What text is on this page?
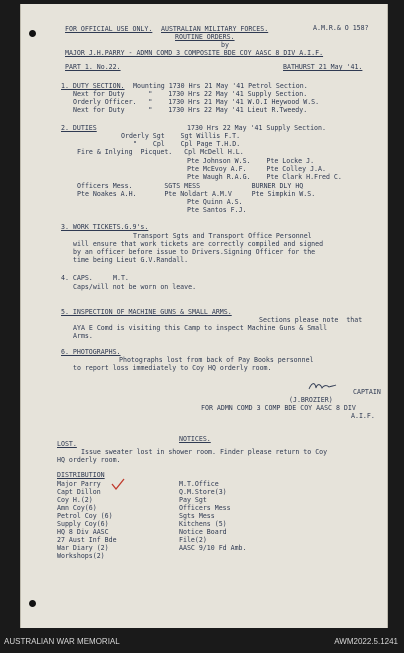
FOR OFFICIAL USE ONLY. AUSTRALIAN MILITARY FORCES.	A.M.R.& O 158?
ROUTINE ORDERS.
by
MAJOR J.H.PARRY - ADMN COMD 3 COMPOSITE BDE COY AASC 8 DIV A.I.F.
PART 1. No.22.	BATHURST 21 May '41.
1. DUTY SECTION. Mounting 1730 Hrs 21 May '41 Petrol Section.
Next for Duty      "    1730 Hrs 22 May '41 Supply Section.
Orderly Officer.   "    1730 Hrs 21 May '41 W.O.I Heywood W.S.
Next for Duty      "    1730 Hrs 22 May '41 Lieut R.Tweedy.
2. DUTIES	1730 Hrs 22 May '41 Supply Section.
Orderly Sgt    Sgt Willis F.T.
"    Cpl    Cpl Page T.H.D.
Fire & Inlying  Picquet.   Cpl McDell H.L.
Pte Johnson W.S.    Pte Locke J.
Pte McEvoy A.F.     Pte Colley J.A.
Pte Waugh R.A.G.    Pte Clark H.Fred C.
Officers Mess.        SGTS MESS             BURNER DLY HQ
Pte Noakes A.H.       Pte Noldart A.M.V     Pte Simpkin W.S.
Pte Quinn A.S.
Pte Santos F.J.
3. WORK TICKETS.G.9's.
Transport Sgts and Transport Office Personnel
will ensure that work tickets are correctly compiled and signed
by an officer before issue to Drivers.Signing Officer for the
time being Lieut G.V.Randall.
4. CAPS.	M.T.
Caps/will not be worn on leave.
5. INSPECTION OF MACHINE GUNS & SMALL ARMS.
Sections please note  that
AYA E Comd is visiting this Camp to inspect Machine Guns & Small
Arms.
6. PHOTOGRAPHS.
Photographs lost from back of Pay Books personnel
to report loss immediately to Coy HQ orderly room.
CAPTAIN
(J.BROZIER)
FOR ADMN COMD 3 COMP BDE COY AASC 8 DIV
A.I.F.
NOTICES.
LOST.
Issue sweater lost in shower room. Finder please return to Coy
HQ orderly room.
DISTRIBUTION
Major Parry
Capt Dillon
Coy H.(2)
Amn Coy(6)
Petrol Coy (6)
Supply Coy(6)
HQ 8 Div AASC
27 Aust Inf Bde
War Diary (2)
Workshops(2)
M.T.Office
Q.M.Store(3)
Pay Sgt
Officers Mess
Sgts Mess
Kitchens (5)
Notice Board
File(2)
AASC 9/10 Fd Amb.
AUSTRALIAN WAR MEMORIAL	AWM2022.5.1241
